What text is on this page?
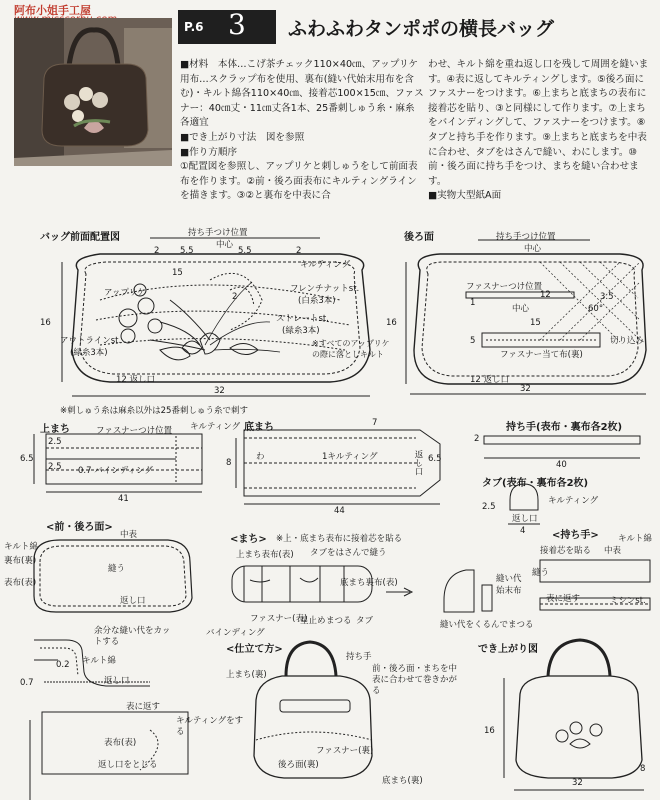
阿布小姐手工屋
P.6 3 ふわふわタンポポの横長バッグ

■材料　本体…こげ茶チェック110×40㎝、アップリケ用布…スクラップ布を使用、裏布(縫い代始末用布を含む)・キルト綿各110×40㎝、接着芯100×15㎝、ファスナー：40㎝丈・11㎝丈各1本、25番刺しゅう糸・麻糸各適宜

■でき上がり寸法　図を参照

■作り方順序

①配置図を参照し、アップリケと刺しゅうをして前面表布を作ります。②前・後ろ面表布にキルティングラインを描きます。③②と裏布を中表に合

わせ、キルト綿を重ね返し口を残して周囲を縫います。④表に返してキルティングします。⑤後ろ面にファスナーをつけます。⑥上まちと底まちの表布に接着芯を貼り、③と同様にして作ります。⑦上まちをバインディングして、ファスナーをつけます。⑧タブと持ち手を作ります。⑨上まちと底まちを中表に合わせ、タブをはさんで縫い、わにします。⑩前・後ろ面に持ち手をつけ、まちを縫い合わせます。

■実物大型紙A面

バッグ前面配置図	持ち手つけ位置
中心
2 5.5	5.5	2
15
2
キルティング
アップリケ	フレンチナットst.
(白糸3本)
アウトラインst.
(緑糸3本)
ストレートst.
(緑糸3本)
※すべてのアップリケの際に落としキルト
12 返し口
16
32
後ろ面	持ち手つけ位置
中心
ファスナーつけ位置
12
中心
1
3.5
60°
15
5
ファスナー当て布(裏)
切り込み
12 返し口
16
32
※刺しゅう糸は麻糸以外は25番刺しゅう糸で刺す
上まち	ファスナーつけ位置 キルティング
2.5
2.5 0.7 バインディング
6.5
41
底まち
わ	1キルティング	返し口
7
8	6.5
44
持ち手(表布・裏布各2枚)
2
40
タブ(表布・裏布各2枚)
キルティング
2.5
返し口
4
<前・後ろ面>
中表
キルト綿
裏布(裏)
表布(表)
縫う
返し口
余分な縫い代をカットする
キルト綿
0.2
0.7	返し口
表に返す
キルティングをする
表布(表)
返し口をとじる
<まち> ※上・底まち表布に接着芯を貼る
上まち表布(表) タブをはさんで縫う
底まち裏布(表)
バインディング
ファスナー(表)
星止め まつる タブ
縫い代
始末布
縫い代をくるんでまつる
<持ち手>
接着芯を貼る 中表
キルト綿
縫う
表に返す	ミシンst.
<仕立て方>
持ち手
上まち(裏)
前・後ろ面・まちを中表に合わせて巻きかがる
ファスナー(裏)
後ろ面(裏)
底まち(裏)
でき上がり図
16
32
8
